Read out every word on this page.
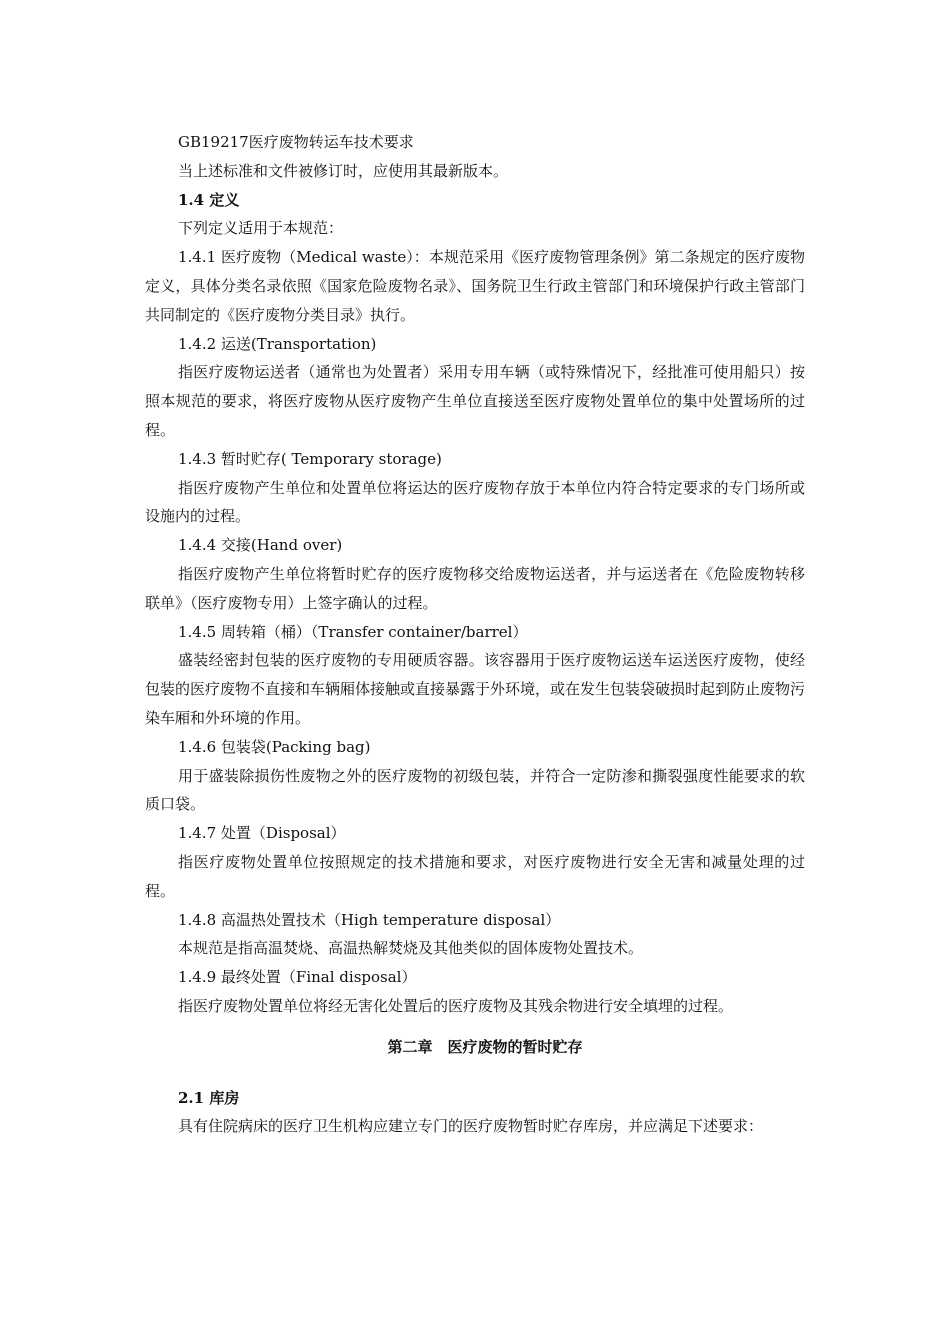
GB19217医疗废物转运车技术要求
当上述标准和文件被修订时，应使用其最新版本。
1.4 定义
下列定义适用于本规范：
1.4.1 医疗废物（Medical waste）：本规范采用《医疗废物管理条例》第二条规定的医疗废物定义，具体分类名录依照《国家危险废物名录》、国务院卫生行政主管部门和环境保护行政主管部门共同制定的《医疗废物分类目录》执行。
1.4.2 运送(Transportation)
指医疗废物运送者（通常也为处置者）采用专用车辆（或特殊情况下，经批准可使用船只）按照本规范的要求，将医疗废物从医疗废物产生单位直接送至医疗废物处置单位的集中处置场所的过程。
1.4.3 暂时贮存( Temporary storage)
指医疗废物产生单位和处置单位将运达的医疗废物存放于本单位内符合特定要求的专门场所或设施内的过程。
1.4.4 交接(Hand over)
指医疗废物产生单位将暂时贮存的医疗废物移交给废物运送者，并与运送者在《危险废物转移联单》（医疗废物专用）上签字确认的过程。
1.4.5 周转箱（桶）（Transfer container/barrel）
盛装经密封包装的医疗废物的专用硬质容器。该容器用于医疗废物运送车运送医疗废物，使经包装的医疗废物不直接和车辆厢体接触或直接暴露于外环境，或在发生包装袋破损时起到防止废物污染车厢和外环境的作用。
1.4.6 包装袋(Packing bag)
用于盛装除损伤性废物之外的医疗废物的初级包装，并符合一定防渗和撕裂强度性能要求的软质口袋。
1.4.7 处置（Disposal）
指医疗废物处置单位按照规定的技术措施和要求，对医疗废物进行安全无害和减量处理的过程。
1.4.8 高温热处置技术（High temperature disposal）
本规范是指高温焚烧、高温热解焚烧及其他类似的固体废物处置技术。
1.4.9 最终处置（Final disposal）
指医疗废物处置单位将经无害化处置后的医疗废物及其残余物进行安全填埋的过程。
第二章　医疗废物的暂时贮存
2.1 库房
具有住院病床的医疗卫生机构应建立专门的医疗废物暂时贮存库房，并应满足下述要求：
